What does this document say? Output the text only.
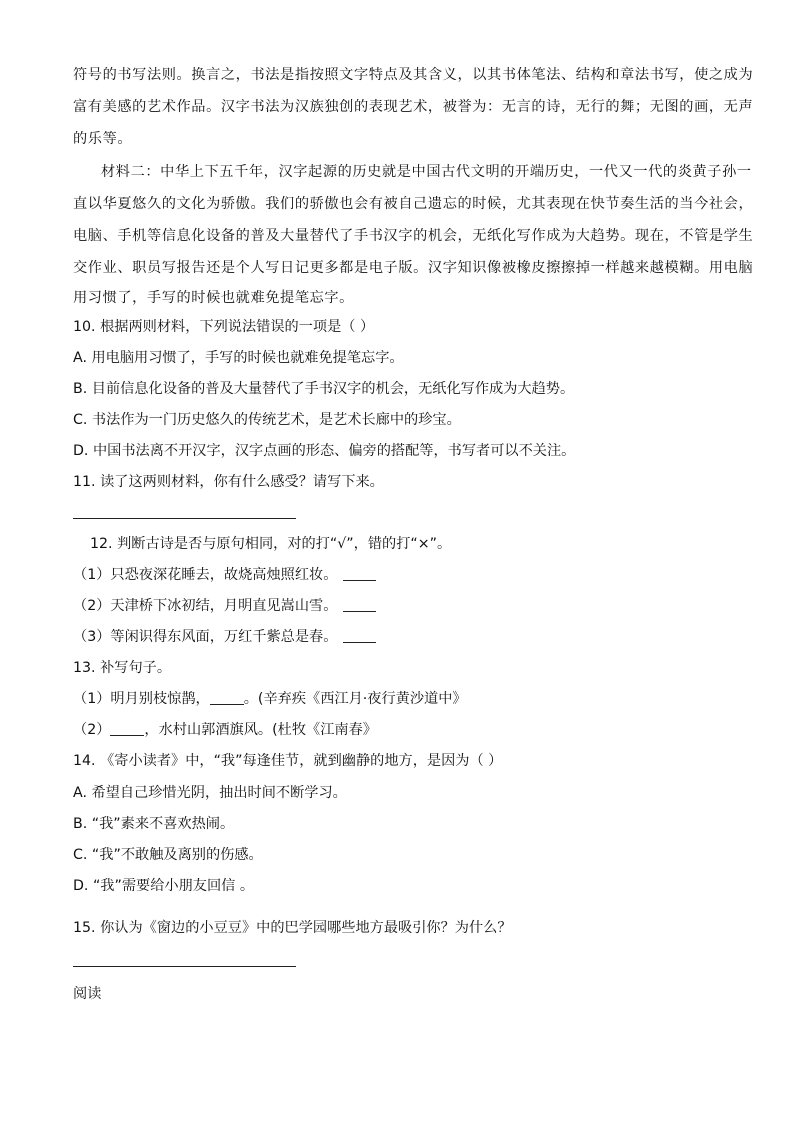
符号的书写法则。换言之，书法是指按照文字特点及其含义，以其书体笔法、结构和章法书写，使之成为
富有美感的艺术作品。汉字书法为汉族独创的表现艺术，被誉为：无言的诗，无行的舞；无图的画，无声
的乐等。
材料二：中华上下五千年，汉字起源的历史就是中国古代文明的开端历史，一代又一代的炎黄子孙一
直以华夏悠久的文化为骄傲。我们的骄傲也会有被自己遗忘的时候，尤其表现在快节奏生活的当今社会，
电脑、手机等信息化设备的普及大量替代了手书汉字的机会，无纸化写作成为大趋势。现在，不管是学生
交作业、职员写报告还是个人写日记更多都是电子版。汉字知识像被橡皮擦擦掉一样越来越模糊。用电脑
用习惯了，手写的时候也就难免提笔忘字。
10. 根据两则材料，下列说法错误的一项是（ ）
A. 用电脑用习惯了，手写的时候也就难免提笔忘字。
B. 目前信息化设备的普及大量替代了手书汉字的机会，无纸化写作成为大趋势。
C. 书法作为一门历史悠久的传统艺术，是艺术长廊中的珍宝。
D. 中国书法离不开汉字，汉字点画的形态、偏旁的搭配等，书写者可以不关注。
11. 读了这两则材料，你有什么感受？请写下来。
12. 判断古诗是否与原句相同，对的打“√”，错的打“×”。
（1）只恐夜深花睡去，故烧高烛照红妆。
（2）天津桥下冰初结，月明直见嵩山雪。
（3）等闲识得东风面，万红千紫总是春。
13. 补写句子。
（1）明月别枝惊鹊， 。(辛弃疾《西江月·夜行黄沙道中》
（2） ，水村山郭酒旗风。(杜牧《江南春》
14. 《寄小读者》中，“我”每逢佳节，就到幽静的地方，是因为（ ）
A. 希望自己珍惜光阴，抽出时间不断学习。
B. “我”素来不喜欢热闹。
C. “我”不敢触及离别的伤感。
D. “我”需要给小朋友回信 。
15. 你认为《窗边的小豆豆》中的巴学园哪些地方最吸引你？为什么？
阅读
